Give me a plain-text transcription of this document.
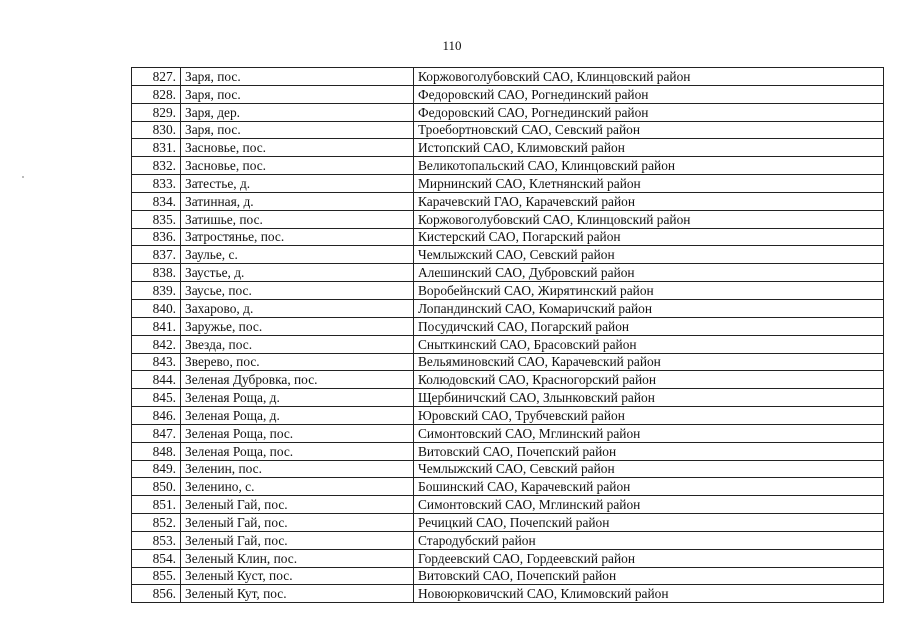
110
827.	Заря, пос.	Коржовоголубовский САО, Клинцовский район
828.	Заря, пос.	Федоровский САО, Рогнединский район
829.	Заря, дер.	Федоровский САО, Рогнединский район
830.	Заря, пос.	Троебортновский САО, Севский район
831.	Засновье, пос.	Истопский САО, Климовский район
832.	Засновье, пос.	Великотопальский САО, Клинцовский район
833.	Затестье, д.	Мирнинский САО, Клетнянский район
834.	Затинная, д.	Карачевский ГАО, Карачевский район
835.	Затишье, пос.	Коржовоголубовский САО, Клинцовский район
836.	Затростянье, пос.	Кистерский САО, Погарский район
837.	Заулье, с.	Чемлыжский САО, Севский район
838.	Заустье, д.	Алешинский САО, Дубровский район
839.	Заусье, пос.	Воробейнский САО, Жирятинский район
840.	Захарово, д.	Лопандинский САО, Комаричский район
841.	Заружье, пос.	Посудичский САО, Погарский район
842.	Звезда, пос.	Сныткинский САО, Брасовский район
843.	Зверево, пос.	Вельяминовский САО, Карачевский район
844.	Зеленая Дубровка, пос.	Колюдовский САО, Красногорский район
845.	Зеленая Роща, д.	Щербиничский САО, Злынковский район
846.	Зеленая Роща, д.	Юровский САО, Трубчевский район
847.	Зеленая Роща, пос.	Симонтовский САО, Мглинский район
848.	Зеленая Роща, пос.	Витовский САО, Почепский район
849.	Зеленин, пос.	Чемлыжский САО, Севский район
850.	Зеленино, с.	Бошинский САО, Карачевский район
851.	Зеленый Гай, пос.	Симонтовский САО, Мглинский район
852.	Зеленый Гай, пос.	Речицкий САО, Почепский район
853.	Зеленый Гай, пос.	Стародубский район
854.	Зеленый Клин, пос.	Гордеевский САО, Гордеевский район
855.	Зеленый Куст, пос.	Витовский САО, Почепский район
856.	Зеленый Кут, пос.	Новоюрковичский САО, Климовский район
